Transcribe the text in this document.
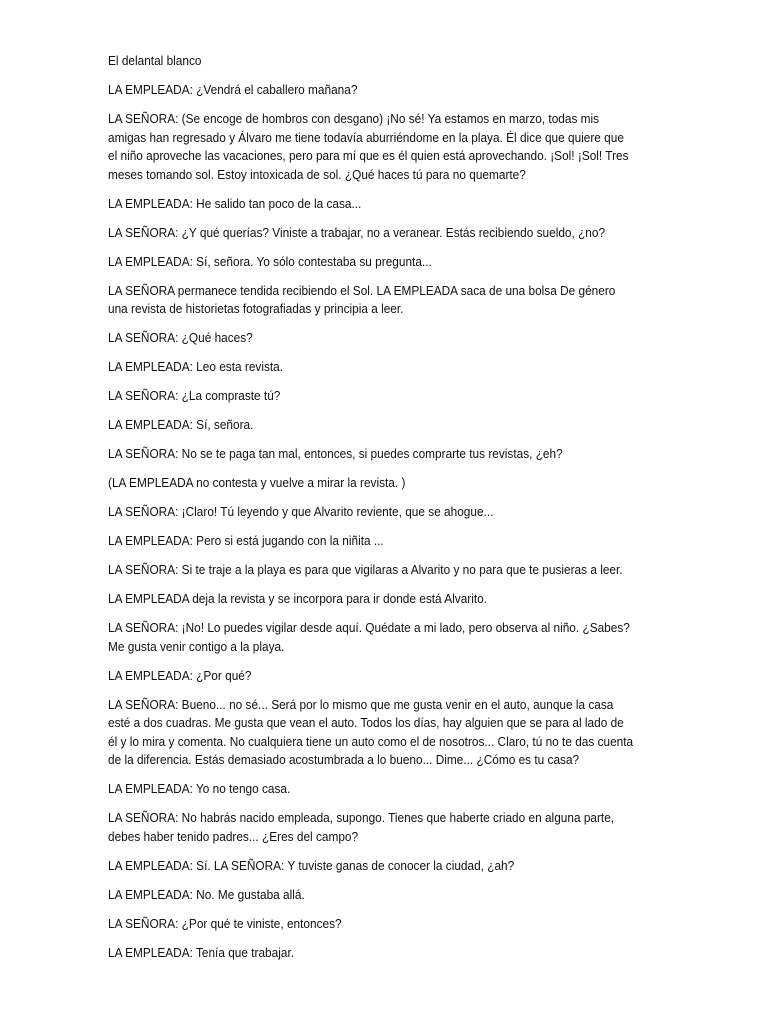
El delantal blanco

LA EMPLEADA: ¿Vendrá el caballero mañana?

LA SEÑORA: (Se encoge de hombros con desgano) ¡No sé! Ya estamos en marzo, todas mis amigas han regresado y Álvaro me tiene todavía aburriéndome en la playa. Él dice que quiere que el niño aproveche las vacaciones, pero para mí que es él quien está aprovechando. ¡Sol! ¡Sol! Tres meses tomando sol. Estoy intoxicada de sol. ¿Qué haces tú para no quemarte?

LA EMPLEADA: He salido tan poco de la casa...

LA SEÑORA: ¿Y qué querías? Viniste a trabajar, no a veranear. Estás recibiendo sueldo, ¿no?

LA EMPLEADA: Sí, señora. Yo sólo contestaba su pregunta...

LA SEÑORA permanece tendida recibiendo el Sol. LA EMPLEADA saca de una bolsa De género una revista de historietas fotografiadas y principia a leer.

LA SEÑORA: ¿Qué haces?

LA EMPLEADA: Leo esta revista.

LA SEÑORA: ¿La compraste tú?

LA EMPLEADA: Sí, señora.

LA SEÑORA: No se te paga tan mal, entonces, si puedes comprarte tus revistas, ¿eh?

(LA EMPLEADA no contesta y vuelve a mirar la revista. )

LA SEÑORA: ¡Claro! Tú leyendo y que Alvarito reviente, que se ahogue...

LA EMPLEADA: Pero si está jugando con la niñita ...

LA SEÑORA: Si te traje a la playa es para que vigilaras a Alvarito y no para que te pusieras a leer.

LA EMPLEADA deja la revista y se incorpora para ir donde está Alvarito.

LA SEÑORA: ¡No! Lo puedes vigilar desde aquí. Quédate a mi lado, pero observa al niño. ¿Sabes? Me gusta venir contigo a la playa.

LA EMPLEADA: ¿Por qué?

LA SEÑORA: Bueno... no sé... Será por lo mismo que me gusta venir en el auto, aunque la casa esté a dos cuadras. Me gusta que vean el auto. Todos los días, hay alguien que se para al lado de él y lo mira y comenta. No cualquiera tiene un auto como el de nosotros... Claro, tú no te das cuenta de la diferencia. Estás demasiado acostumbrada a lo bueno... Dime... ¿Cómo es tu casa?

LA EMPLEADA: Yo no tengo casa.

LA SEÑORA: No habrás nacido empleada, supongo. Tienes que haberte criado en alguna parte, debes haber tenido padres... ¿Eres del campo?

LA EMPLEADA: Sí. LA SEÑORA: Y tuviste ganas de conocer la ciudad, ¿ah?

LA EMPLEADA: No. Me gustaba allá.

LA SEÑORA: ¿Por qué te viniste, entonces?

LA EMPLEADA: Tenía que trabajar.
